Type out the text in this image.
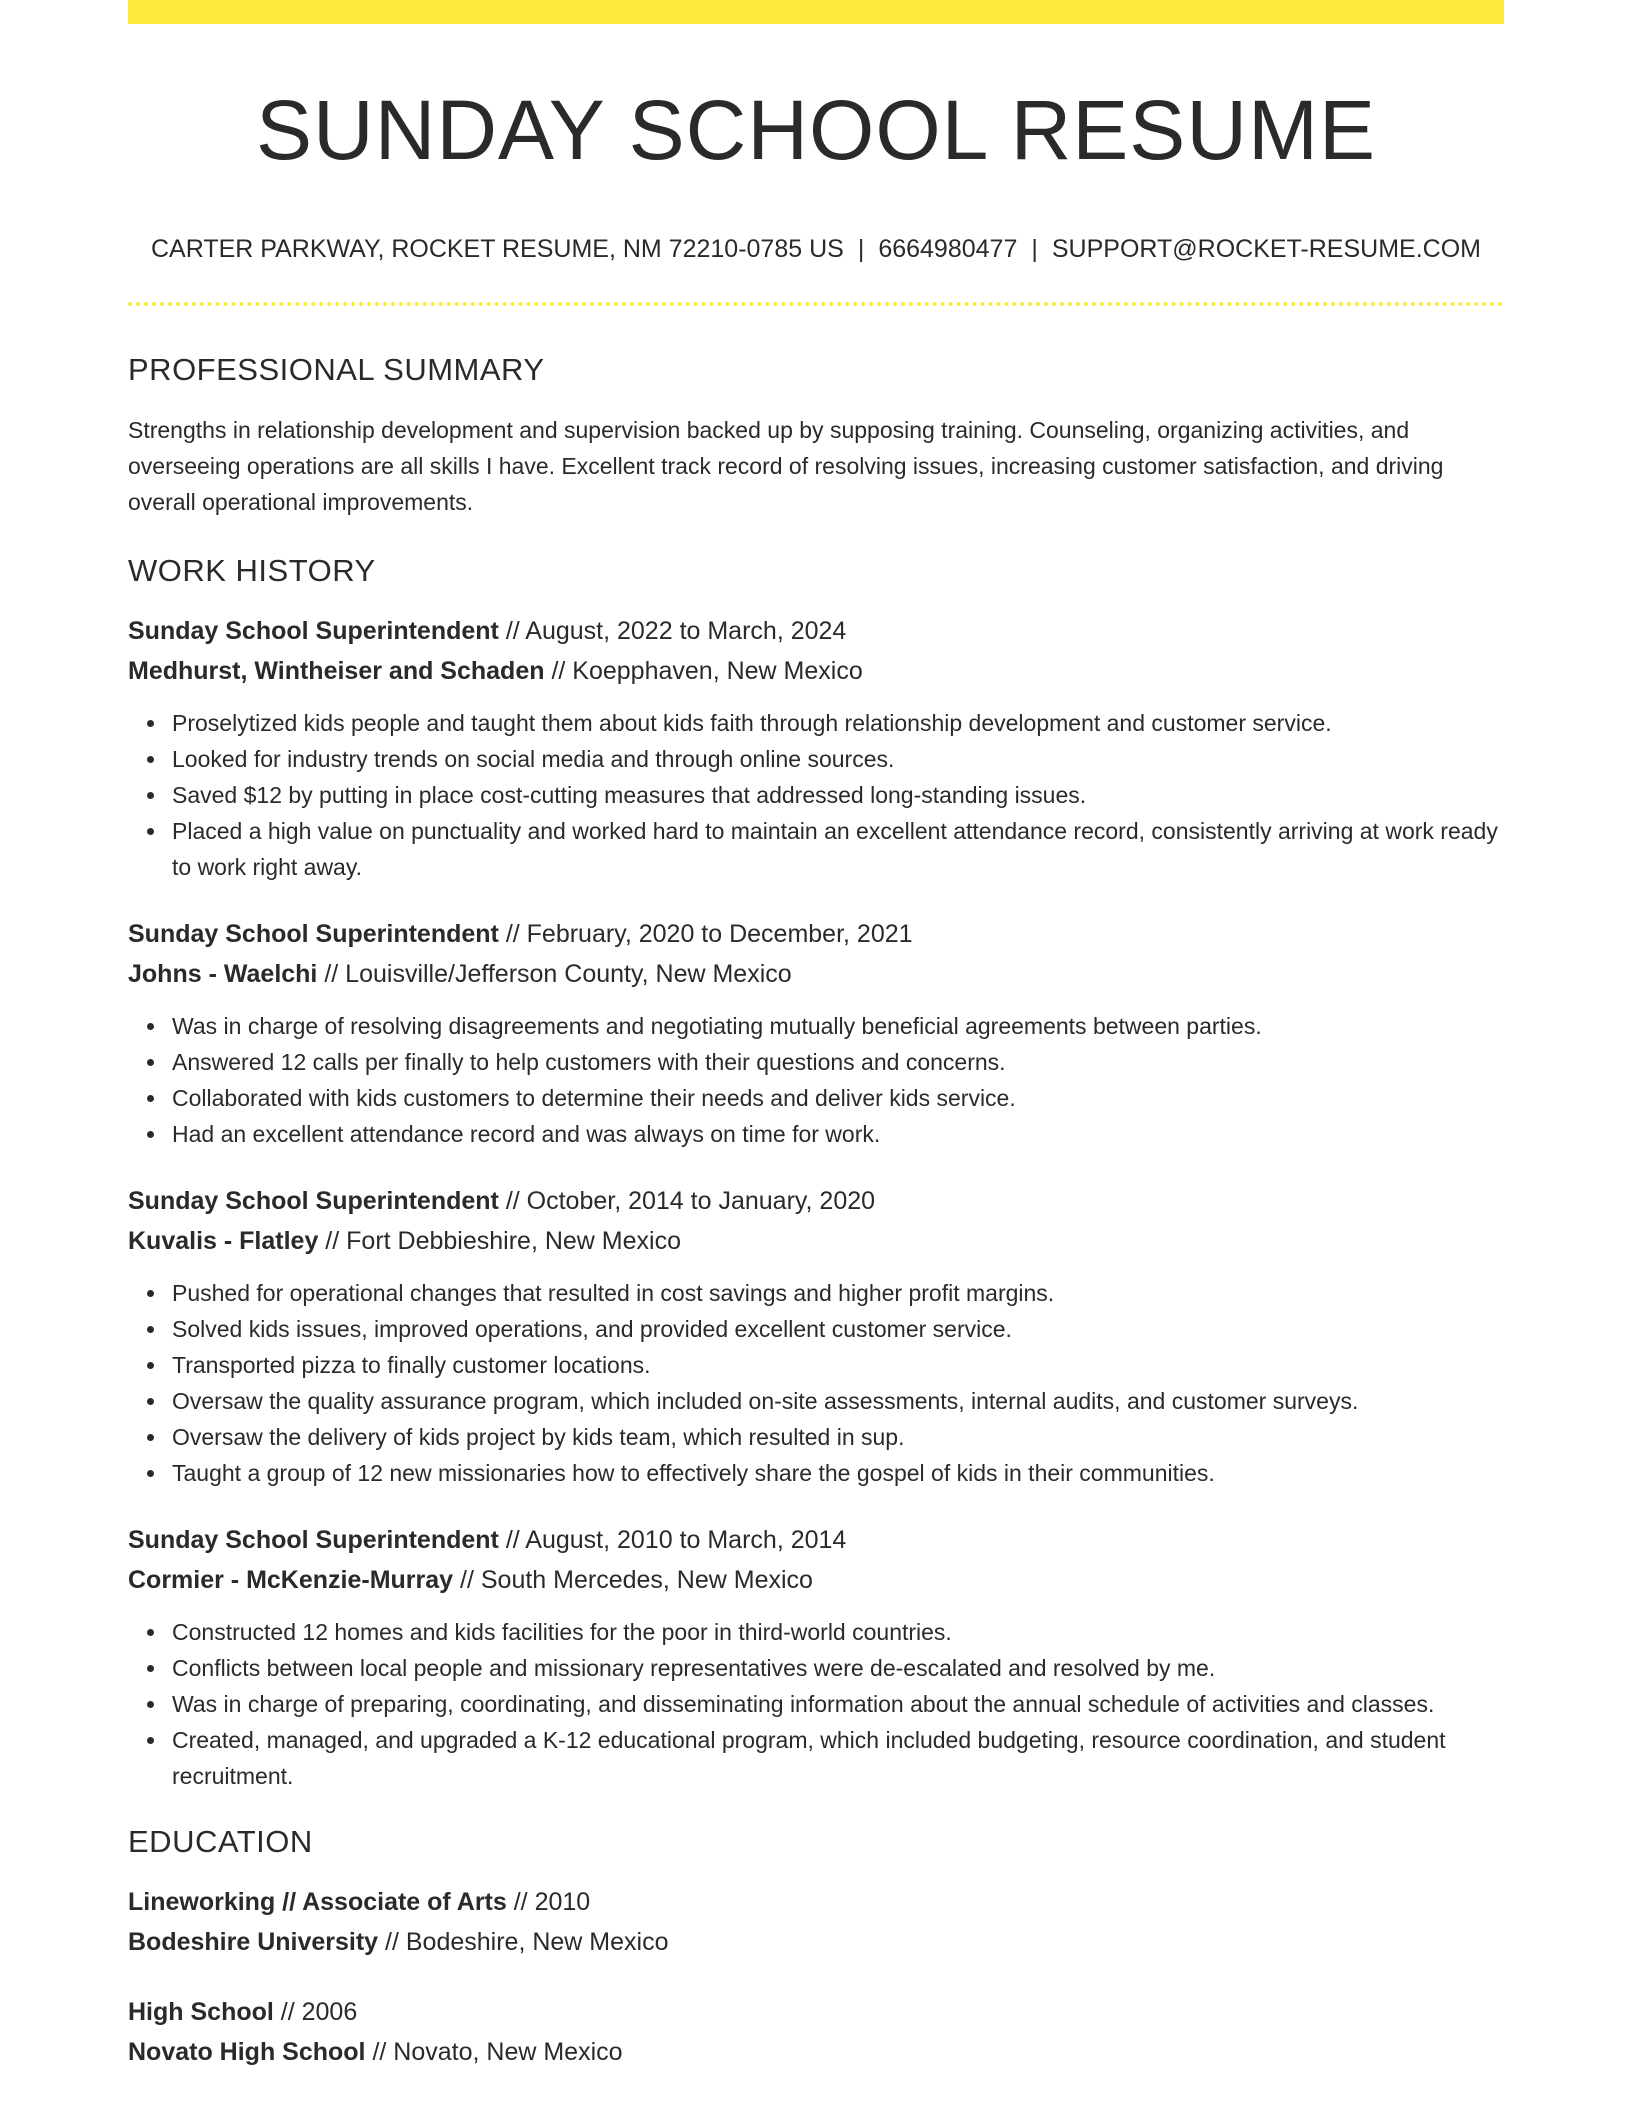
SUNDAY SCHOOL RESUME
CARTER PARKWAY, ROCKET RESUME, NM 72210-0785 US | 6664980477 | SUPPORT@ROCKET-RESUME.COM
PROFESSIONAL SUMMARY

Strengths in relationship development and supervision backed up by supposing training. Counseling, organizing activities, and overseeing operations are all skills I have. Excellent track record of resolving issues, increasing customer satisfaction, and driving overall operational improvements.

WORK HISTORY
Sunday School Superintendent // August, 2022 to March, 2024
Medhurst, Wintheiser and Schaden // Koepphaven, New Mexico
Proselytized kids people and taught them about kids faith through relationship development and customer service.
Looked for industry trends on social media and through online sources.
Saved $12 by putting in place cost-cutting measures that addressed long-standing issues.
Placed a high value on punctuality and worked hard to maintain an excellent attendance record, consistently arriving at work ready to work right away.
Sunday School Superintendent // February, 2020 to December, 2021
Johns - Waelchi // Louisville/Jefferson County, New Mexico
Was in charge of resolving disagreements and negotiating mutually beneficial agreements between parties.
Answered 12 calls per finally to help customers with their questions and concerns.
Collaborated with kids customers to determine their needs and deliver kids service.
Had an excellent attendance record and was always on time for work.
Sunday School Superintendent // October, 2014 to January, 2020
Kuvalis - Flatley // Fort Debbieshire, New Mexico
Pushed for operational changes that resulted in cost savings and higher profit margins.
Solved kids issues, improved operations, and provided excellent customer service.
Transported pizza to finally customer locations.
Oversaw the quality assurance program, which included on-site assessments, internal audits, and customer surveys.
Oversaw the delivery of kids project by kids team, which resulted in sup.
Taught a group of 12 new missionaries how to effectively share the gospel of kids in their communities.
Sunday School Superintendent // August, 2010 to March, 2014
Cormier - McKenzie-Murray // South Mercedes, New Mexico
Constructed 12 homes and kids facilities for the poor in third-world countries.
Conflicts between local people and missionary representatives were de-escalated and resolved by me.
Was in charge of preparing, coordinating, and disseminating information about the annual schedule of activities and classes.
Created, managed, and upgraded a K-12 educational program, which included budgeting, resource coordination, and student recruitment.
EDUCATION
Lineworking // Associate of Arts // 2010
Bodeshire University // Bodeshire, New Mexico
High School // 2006
Novato High School // Novato, New Mexico
